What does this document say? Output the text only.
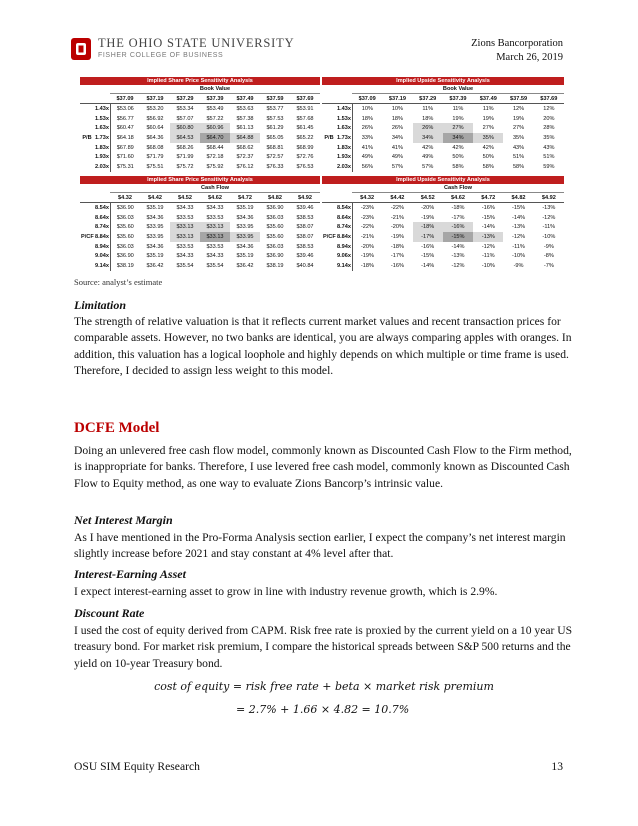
THE OHIO STATE UNIVERSITY
FISHER COLLEGE OF BUSINESS
Zions Bancorporation
March 26, 2019
Implied Share Price Sensitivity Analysis
Book Value
		$37.09	$37.19	$37.29	$37.39	$37.49	$37.59	$37.69
	1.43x	$53.06	$53.20	$53.34	$53.49	$53.63	$53.77	$53.91
	1.53x	$56.77	$56.92	$57.07	$57.22	$57.38	$57.53	$57.68
	1.63x	$60.47	$60.64	$60.80	$60.96	$61.13	$61.29	$61.45
P/B	1.73x	$64.18	$64.36	$64.53	$64.70	$64.88	$65.05	$65.22
	1.83x	$67.89	$68.08	$68.26	$68.44	$68.62	$68.81	$68.99
	1.93x	$71.60	$71.79	$71.99	$72.18	$72.37	$72.57	$72.76
	2.03x	$75.31	$75.51	$75.72	$75.92	$76.12	$76.33	$76.53
Implied Upside Sensitivity Analysis
Book Value
		$37.09	$37.19	$37.29	$37.39	$37.49	$37.59	$37.69
	1.43x	10%	10%	11%	11%	11%	12%	12%
	1.53x	18%	18%	18%	19%	19%	19%	20%
	1.63x	26%	26%	26%	27%	27%	27%	28%
P/B	1.73x	33%	34%	34%	34%	35%	35%	35%
	1.83x	41%	41%	42%	42%	42%	43%	43%
	1.93x	49%	49%	49%	50%	50%	51%	51%
	2.03x	56%	57%	57%	58%	58%	58%	59%
Implied Share Price Sensitivity Analysis
Cash Flow
		$4.32	$4.42	$4.52	$4.62	$4.72	$4.82	$4.92
	8.54x	$36.90	$35.19	$34.33	$34.33	$35.19	$36.90	$39.46
	8.64x	$36.03	$34.36	$33.53	$33.53	$34.36	$36.03	$38.53
	8.74x	$35.60	$33.95	$33.13	$33.13	$33.95	$35.60	$38.07
P/CF	8.84x	$35.60	$33.95	$33.13	$33.13	$33.95	$35.60	$38.07
	8.94x	$36.03	$34.36	$33.53	$33.53	$34.36	$36.03	$38.53
	9.04x	$36.90	$35.19	$34.33	$34.33	$35.19	$36.90	$39.46
	9.14x	$38.19	$36.42	$35.54	$35.54	$36.42	$38.19	$40.84
Implied Upside Sensitivity Analysis
Cash Flow
		$4.32	$4.42	$4.52	$4.62	$4.72	$4.82	$4.92
	8.54x	-23%	-22%	-20%	-18%	-16%	-15%	-13%
	8.64x	-23%	-21%	-19%	-17%	-15%	-14%	-12%
	8.74x	-22%	-20%	-18%	-16%	-14%	-13%	-11%
P/CF	8.84x	-21%	-19%	-17%	-15%	-13%	-12%	-10%
	8.94x	-20%	-18%	-16%	-14%	-12%	-11%	-9%
	9.06x	-19%	-17%	-15%	-13%	-11%	-10%	-8%
	9.14x	-18%	-16%	-14%	-12%	-10%	-9%	-7%
Source: analyst’s estimate
Limitation
The strength of relative valuation is that it reflects current market values and recent transaction prices for comparable assets. However, no two banks are identical, you are always comparing apples with oranges. In addition, this valuation has a logical loophole and highly depends on which multiple or time frame is used. Therefore, I decided to assign less weight to this model.
DCFE Model
Doing an unlevered free cash flow model, commonly known as Discounted Cash Flow to the Firm method, is inappropriate for banks. Therefore, I use levered free cash model, commonly known as Discounted Cash Flow to Equity method, as one way to evaluate Zions Bancorp’s intrinsic value.
Net Interest Margin
As I have mentioned in the Pro-Forma Analysis section earlier, I expect the company’s net interest margin slightly increase before 2021 and stay constant at 4% level after that.
Interest-Earning Asset
I expect interest-earning asset to grow in line with industry revenue growth, which is 2.9%.
Discount Rate
I used the cost of equity derived from CAPM. Risk free rate is proxied by the current yield on a 10 year US treasury bond. For market risk premium, I compare the historical spreads between S&P 500 returns and the yield on 10-year Treasury bond.
cost of equity = risk free rate + beta × market risk premium
= 2.7% + 1.66 × 4.82 = 10.7%
OSU SIM Equity Research	13
